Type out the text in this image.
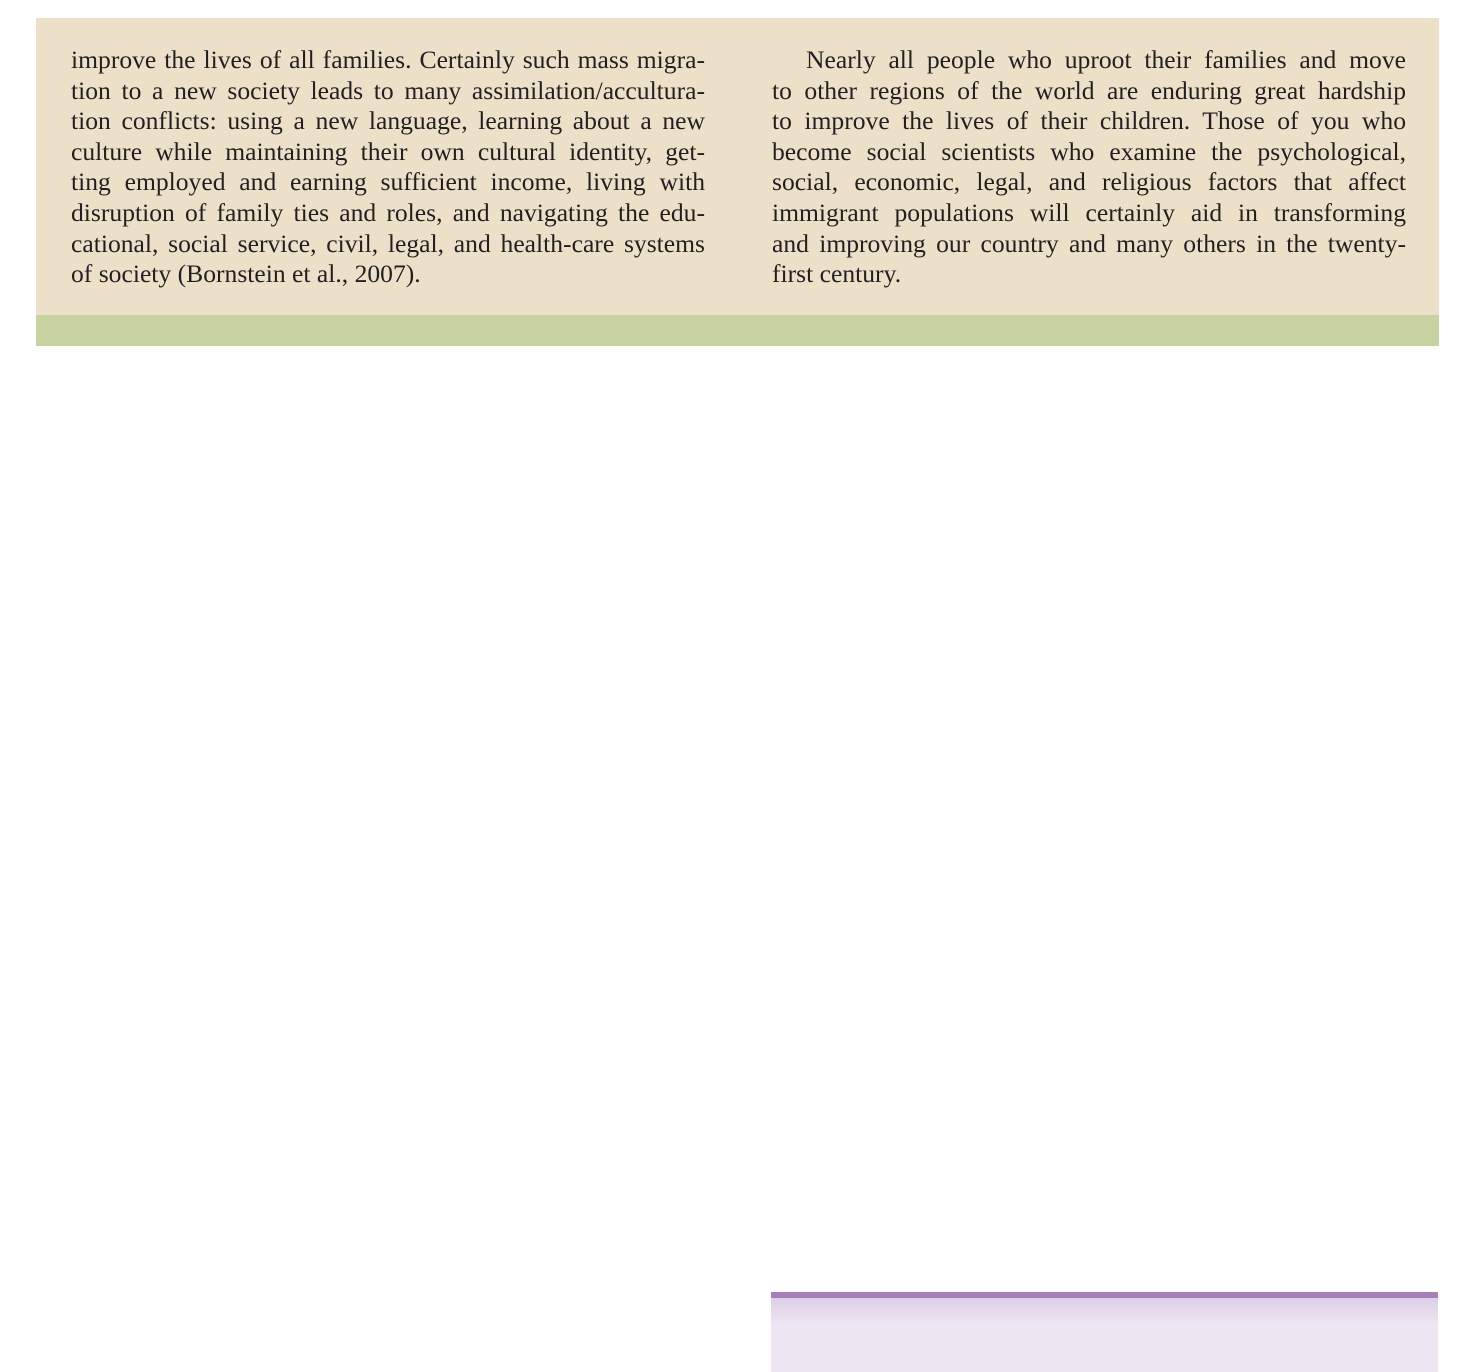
improve the lives of all families. Certainly such mass migra-
tion to a new society leads to many assimilation/accultura-
tion conflicts: using a new language, learning about a new
culture while maintaining their own cultural identity, get-
ting employed and earning sufficient income, living with
disruption of family ties and roles, and navigating the edu-
cational, social service, civil, legal, and health-care systems
of society (Bornstein et al., 2007).
Nearly all people who uproot their families and move
to other regions of the world are enduring great hardship
to improve the lives of their children. Those of you who
become social scientists who examine the psychological,
social, economic, legal, and religious factors that affect
immigrant populations will certainly aid in transforming
and improving our country and many others in the twenty-
first century.
